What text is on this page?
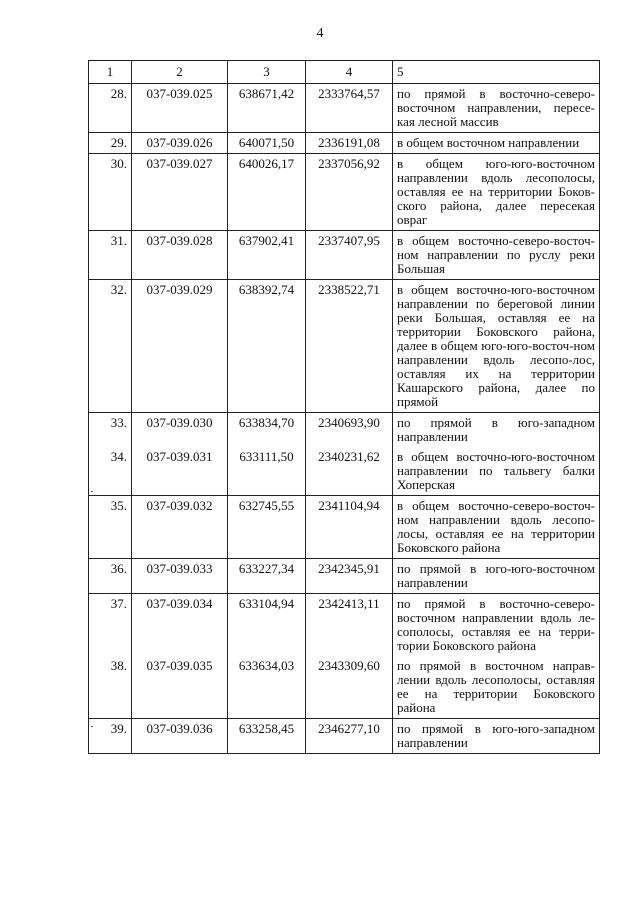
4
1	2	3	4	5
28.	037-039.025	638671,42	2333764,57	по прямой в восточно-северо-восточном направлении, пересе-кая лесной массив
29.	037-039.026	640071,50	2336191,08	в общем восточном направлении
30.	037-039.027	640026,17	2337056,92	в общем юго-юго-восточном направлении вдоль лесополосы, оставляя ее на территории Боков-ского района, далее пересекая овраг
31.	037-039.028	637902,41	2337407,95	в общем восточно-северо-восточ-ном направлении по руслу реки Большая
32.	037-039.029	638392,74	2338522,71	в общем восточно-юго-восточном направлении по береговой линии реки Большая, оставляя ее на территории Боковского района, далее в общем юго-юго-восточ-ном направлении вдоль лесопо-лос, оставляя их на территории Кашарского района, далее по прямой
33.	037-039.030	633834,70	2340693,90	по прямой в юго-западном направлении
34.	037-039.031	633111,50	2340231,62	в общем восточно-юго-восточном направлении по тальвегу балки Хоперская
35.	037-039.032	632745,55	2341104,94	в общем восточно-северо-восточ-ном направлении вдоль лесопо-лосы, оставляя ее на территории Боковского района
36.	037-039.033	633227,34	2342345,91	по прямой в юго-юго-восточном направлении
37.	037-039.034	633104,94	2342413,11	по прямой в восточно-северо-восточном направлении вдоль ле-сополосы, оставляя ее на терри-тории Боковского района
38.	037-039.035	633634,03	2343309,60	по прямой в восточном направ-лении вдоль лесополосы, оставляя ее на территории Боковского района
39.	037-039.036	633258,45	2346277,10	по прямой в юго-юго-западном направлении
